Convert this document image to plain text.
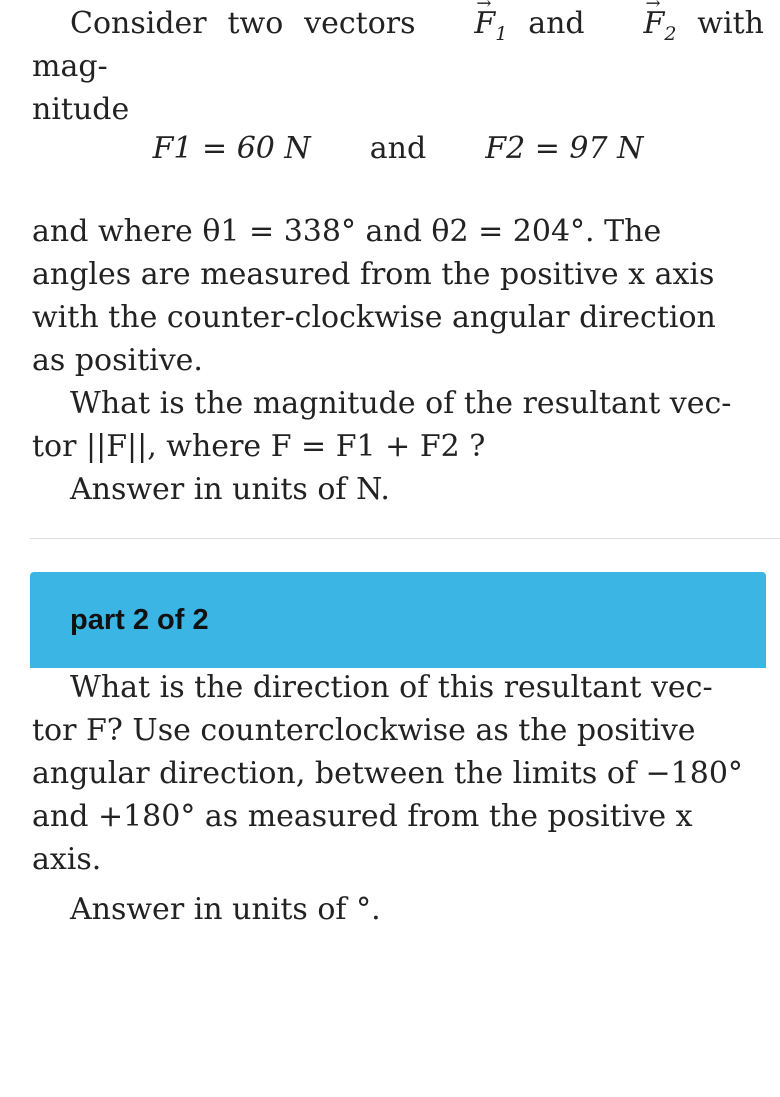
Consider two vectors → $F_1$ and → $F_2$ with mag-

nitude

F1 = 60 N and F2 = 97 N

and where θ1 = 338° and θ2 = 204°. The

angles are measured from the positive x axis

with the counter-clockwise angular direction

as positive.

What is the magnitude of the resultant vec-

tor ||F||, where F = F1 + F2 ?

Answer in units of N.

part 2 of 2

What is the direction of this resultant vec-

tor F? Use counterclockwise as the positive

angular direction, between the limits of −180°

and +180° as measured from the positive x

axis.

Answer in units of °.
